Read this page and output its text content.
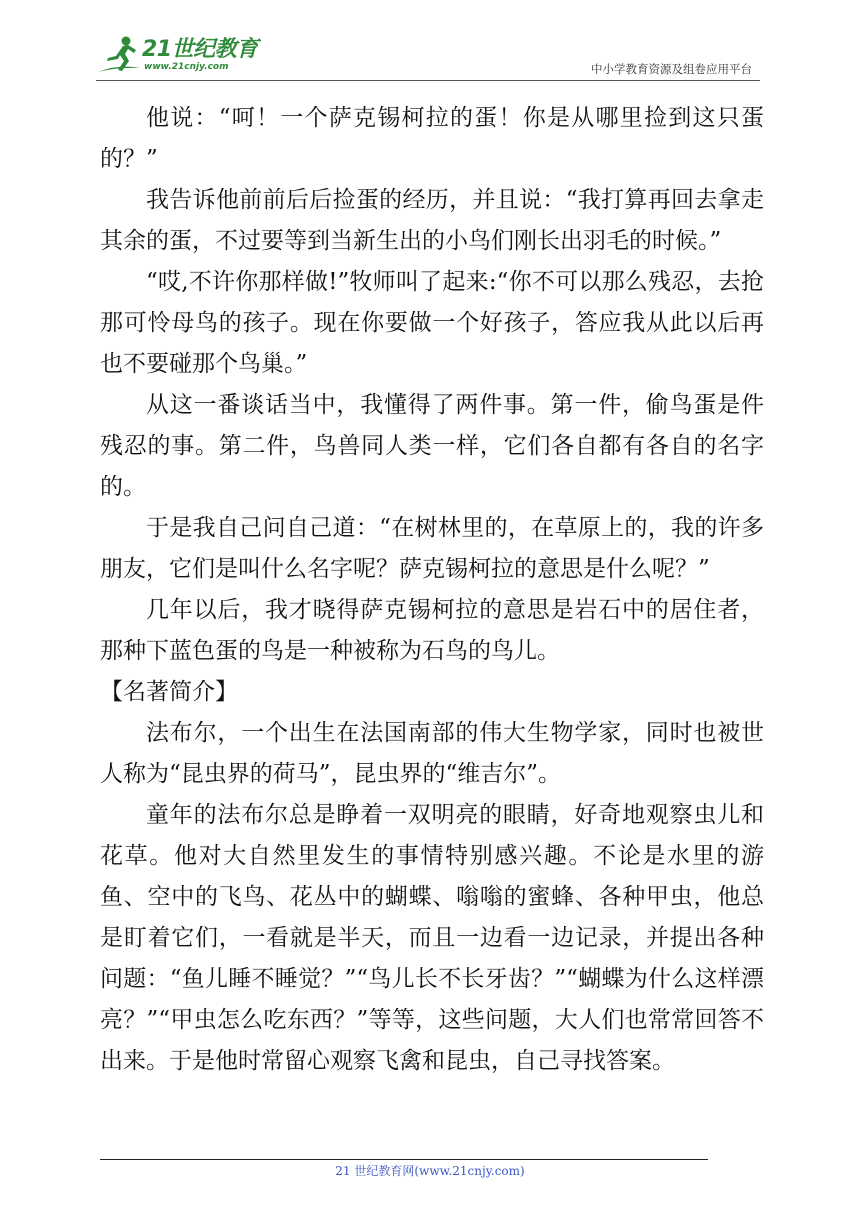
21世纪教育
www.21cnjy.com	中小学教育资源及组卷应用平台

他说：“呵！一个萨克锡柯拉的蛋！你是从哪里捡到这只蛋的？”

我告诉他前前后后捡蛋的经历，并且说：“我打算再回去拿走其余的蛋，不过要等到当新生出的小鸟们刚长出羽毛的时候。”

“哎,不许你那样做!”牧师叫了起来:“你不可以那么残忍，去抢那可怜母鸟的孩子。现在你要做一个好孩子，答应我从此以后再也不要碰那个鸟巢。”

从这一番谈话当中，我懂得了两件事。第一件，偷鸟蛋是件残忍的事。第二件，鸟兽同人类一样，它们各自都有各自的名字的。

于是我自己问自己道：“在树林里的，在草原上的，我的许多朋友，它们是叫什么名字呢？萨克锡柯拉的意思是什么呢？”

几年以后，我才晓得萨克锡柯拉的意思是岩石中的居住者，那种下蓝色蛋的鸟是一种被称为石鸟的鸟儿。

【名著简介】

法布尔，一个出生在法国南部的伟大生物学家，同时也被世人称为“昆虫界的荷马”，昆虫界的“维吉尔”。

童年的法布尔总是睁着一双明亮的眼睛，好奇地观察虫儿和花草。他对大自然里发生的事情特别感兴趣。不论是水里的游鱼、空中的飞鸟、花丛中的蝴蝶、嗡嗡的蜜蜂、各种甲虫，他总是盯着它们，一看就是半天，而且一边看一边记录，并提出各种问题：“鱼儿睡不睡觉？”“鸟儿长不长牙齿？”“蝴蝶为什么这样漂亮？”“甲虫怎么吃东西？”等等，这些问题，大人们也常常回答不出来。于是他时常留心观察飞禽和昆虫，自己寻找答案。

21 世纪教育网(www.21cnjy.com)
